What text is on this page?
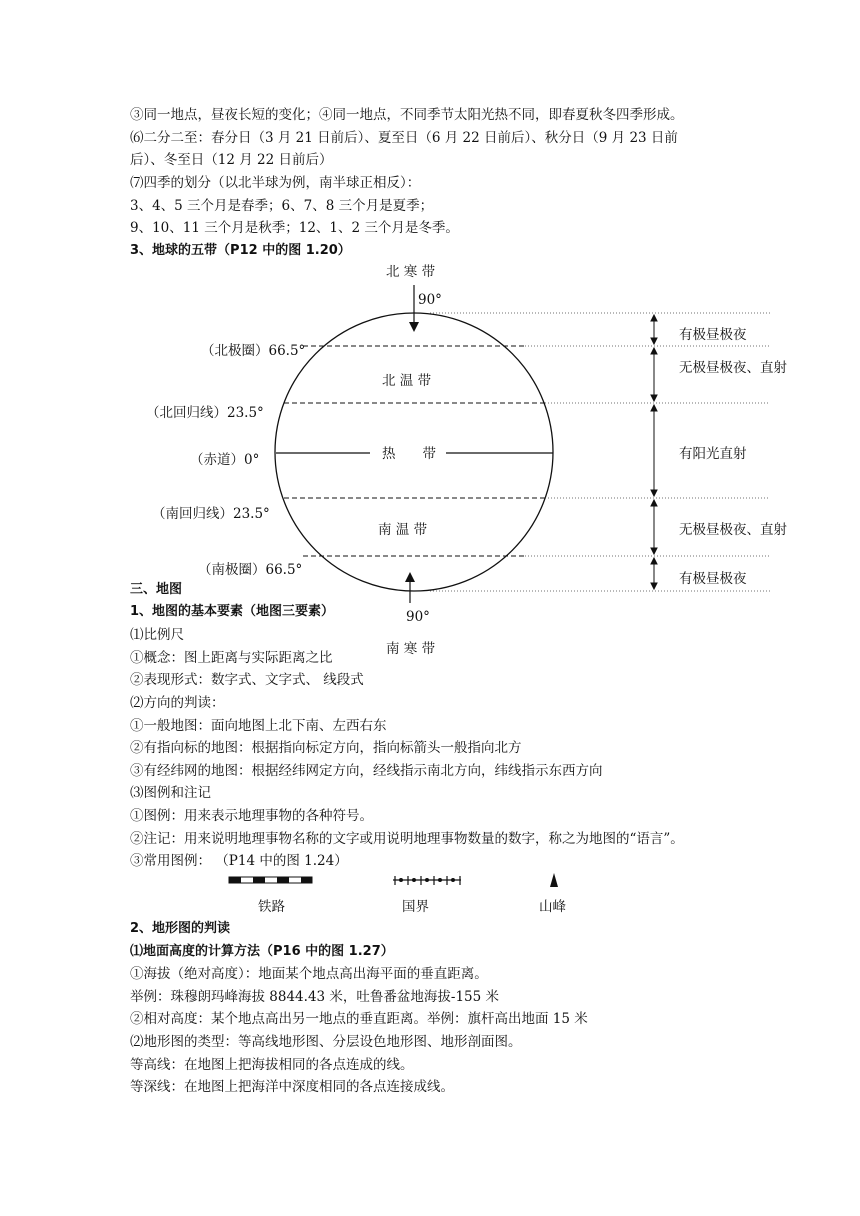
③同一地点，昼夜长短的变化；④同一地点，不同季节太阳光热不同，即春夏秋冬四季形成。
⑹二分二至：春分日（3 月 21 日前后）、夏至日（6 月 22 日前后）、秋分日（9 月 23 日前
后）、冬至日（12 月 22 日前后）
⑺四季的划分（以北半球为例，南半球正相反）：
3、4、5 三个月是春季；6、7、8 三个月是夏季；
9、10、11 三个月是秋季；12、1、2 三个月是冬季。
3、地球的五带（P12 中的图 1.20）
北 寒 带
90°
（北极圈）66.5°
（北回归线）23.5°
（赤道）0°
（南回归线）23.5°
（南极圈）66.5°
北 温 带
热　　带
南 温 带
有极昼极夜
无极昼极夜、直射
有阳光直射
无极昼极夜、直射
有极昼极夜
90°
南 寒 带
三、地图
1、地图的基本要素（地图三要素）
⑴比例尺
①概念：图上距离与实际距离之比
②表现形式：数字式、文字式、 线段式
⑵方向的判读：
①一般地图：面向地图上北下南、左西右东
②有指向标的地图：根据指向标定方向，指向标箭头一般指向北方
③有经纬网的地图：根据经纬网定方向，经线指示南北方向，纬线指示东西方向
⑶图例和注记
①图例：用来表示地理事物的各种符号。
②注记：用来说明地理事物名称的文字或用说明地理事物数量的数字，称之为地图的“语言”。
③常用图例： （P14 中的图 1.24）
铁路	国界	山峰
2、地形图的判读
⑴地面高度的计算方法（P16 中的图 1.27）
①海拔（绝对高度）：地面某个地点高出海平面的垂直距离。
举例：珠穆朗玛峰海拔 8844.43 米，吐鲁番盆地海拔-155 米
②相对高度：某个地点高出另一地点的垂直距离。举例：旗杆高出地面 15 米
⑵地形图的类型：等高线地形图、分层设色地形图、地形剖面图。
等高线：在地图上把海拔相同的各点连成的线。
等深线：在地图上把海洋中深度相同的各点连接成线。
